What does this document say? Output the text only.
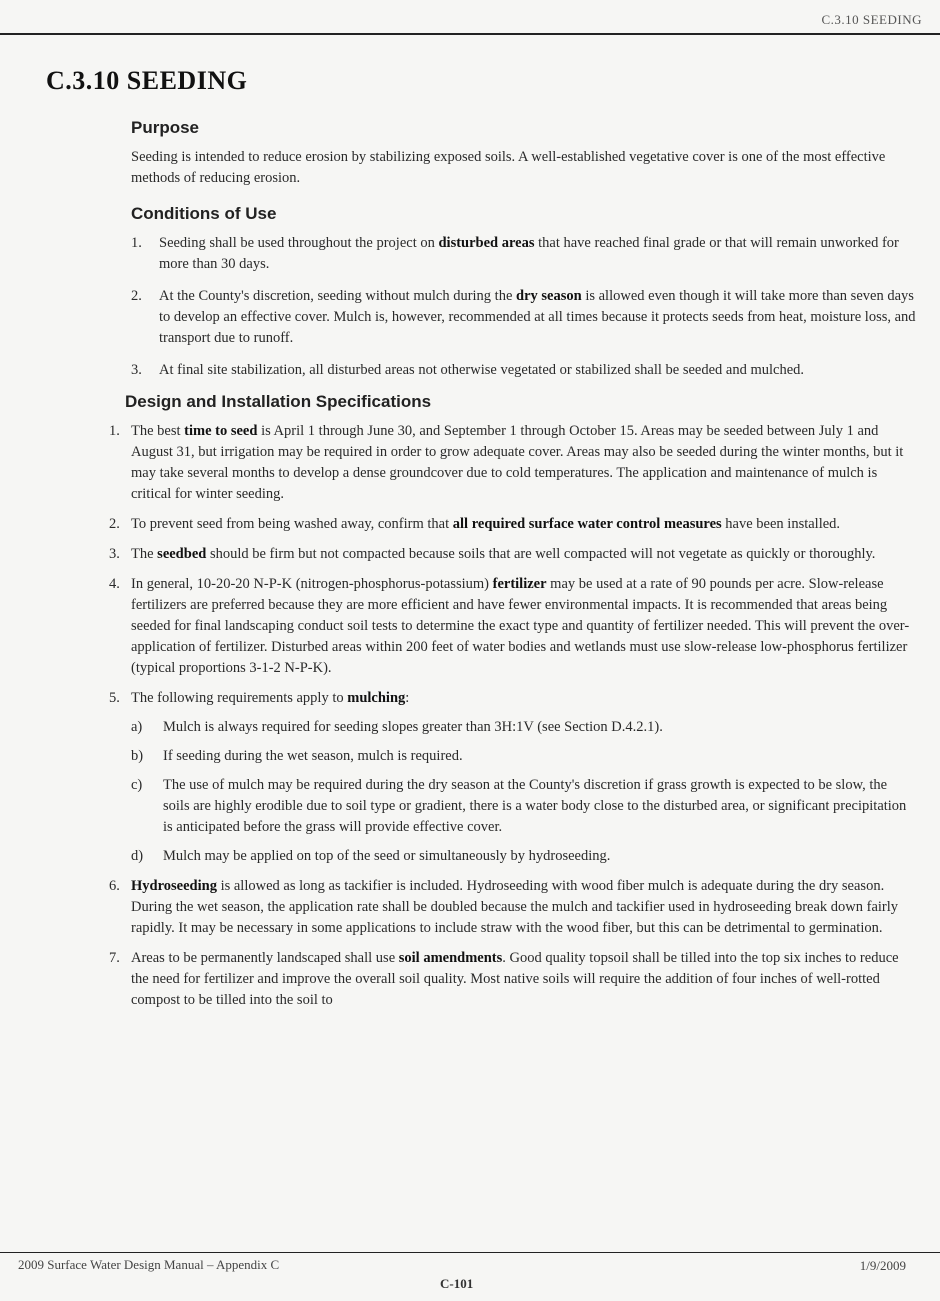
C.3.10 SEEDING
C.3.10 SEEDING
Purpose

Seeding is intended to reduce erosion by stabilizing exposed soils. A well-established vegetative cover is one of the most effective methods of reducing erosion.

Conditions of Use
1. Seeding shall be used throughout the project on disturbed areas that have reached final grade or that will remain unworked for more than 30 days.
2. At the County's discretion, seeding without mulch during the dry season is allowed even though it will take more than seven days to develop an effective cover. Mulch is, however, recommended at all times because it protects seeds from heat, moisture loss, and transport due to runoff.
3. At final site stabilization, all disturbed areas not otherwise vegetated or stabilized shall be seeded and mulched.
Design and Installation Specifications
1. The best time to seed is April 1 through June 30, and September 1 through October 15. Areas may be seeded between July 1 and August 31, but irrigation may be required in order to grow adequate cover. Areas may also be seeded during the winter months, but it may take several months to develop a dense groundcover due to cold temperatures. The application and maintenance of mulch is critical for winter seeding.
2. To prevent seed from being washed away, confirm that all required surface water control measures have been installed.
3. The seedbed should be firm but not compacted because soils that are well compacted will not vegetate as quickly or thoroughly.
4. In general, 10-20-20 N-P-K (nitrogen-phosphorus-potassium) fertilizer may be used at a rate of 90 pounds per acre. Slow-release fertilizers are preferred because they are more efficient and have fewer environmental impacts. It is recommended that areas being seeded for final landscaping conduct soil tests to determine the exact type and quantity of fertilizer needed. This will prevent the over-application of fertilizer. Disturbed areas within 200 feet of water bodies and wetlands must use slow-release low-phosphorus fertilizer (typical proportions 3-1-2 N-P-K).
5. The following requirements apply to mulching:
a) Mulch is always required for seeding slopes greater than 3H:1V (see Section D.4.2.1).
b) If seeding during the wet season, mulch is required.
c) The use of mulch may be required during the dry season at the County's discretion if grass growth is expected to be slow, the soils are highly erodible due to soil type or gradient, there is a water body close to the disturbed area, or significant precipitation is anticipated before the grass will provide effective cover.
d) Mulch may be applied on top of the seed or simultaneously by hydroseeding.
6. Hydroseeding is allowed as long as tackifier is included. Hydroseeding with wood fiber mulch is adequate during the dry season. During the wet season, the application rate shall be doubled because the mulch and tackifier used in hydroseeding break down fairly rapidly. It may be necessary in some applications to include straw with the wood fiber, but this can be detrimental to germination.
7. Areas to be permanently landscaped shall use soil amendments. Good quality topsoil shall be tilled into the top six inches to reduce the need for fertilizer and improve the overall soil quality. Most native soils will require the addition of four inches of well-rotted compost to be tilled into the soil to
2009 Surface Water Design Manual – Appendix C	1/9/2009
C-101
